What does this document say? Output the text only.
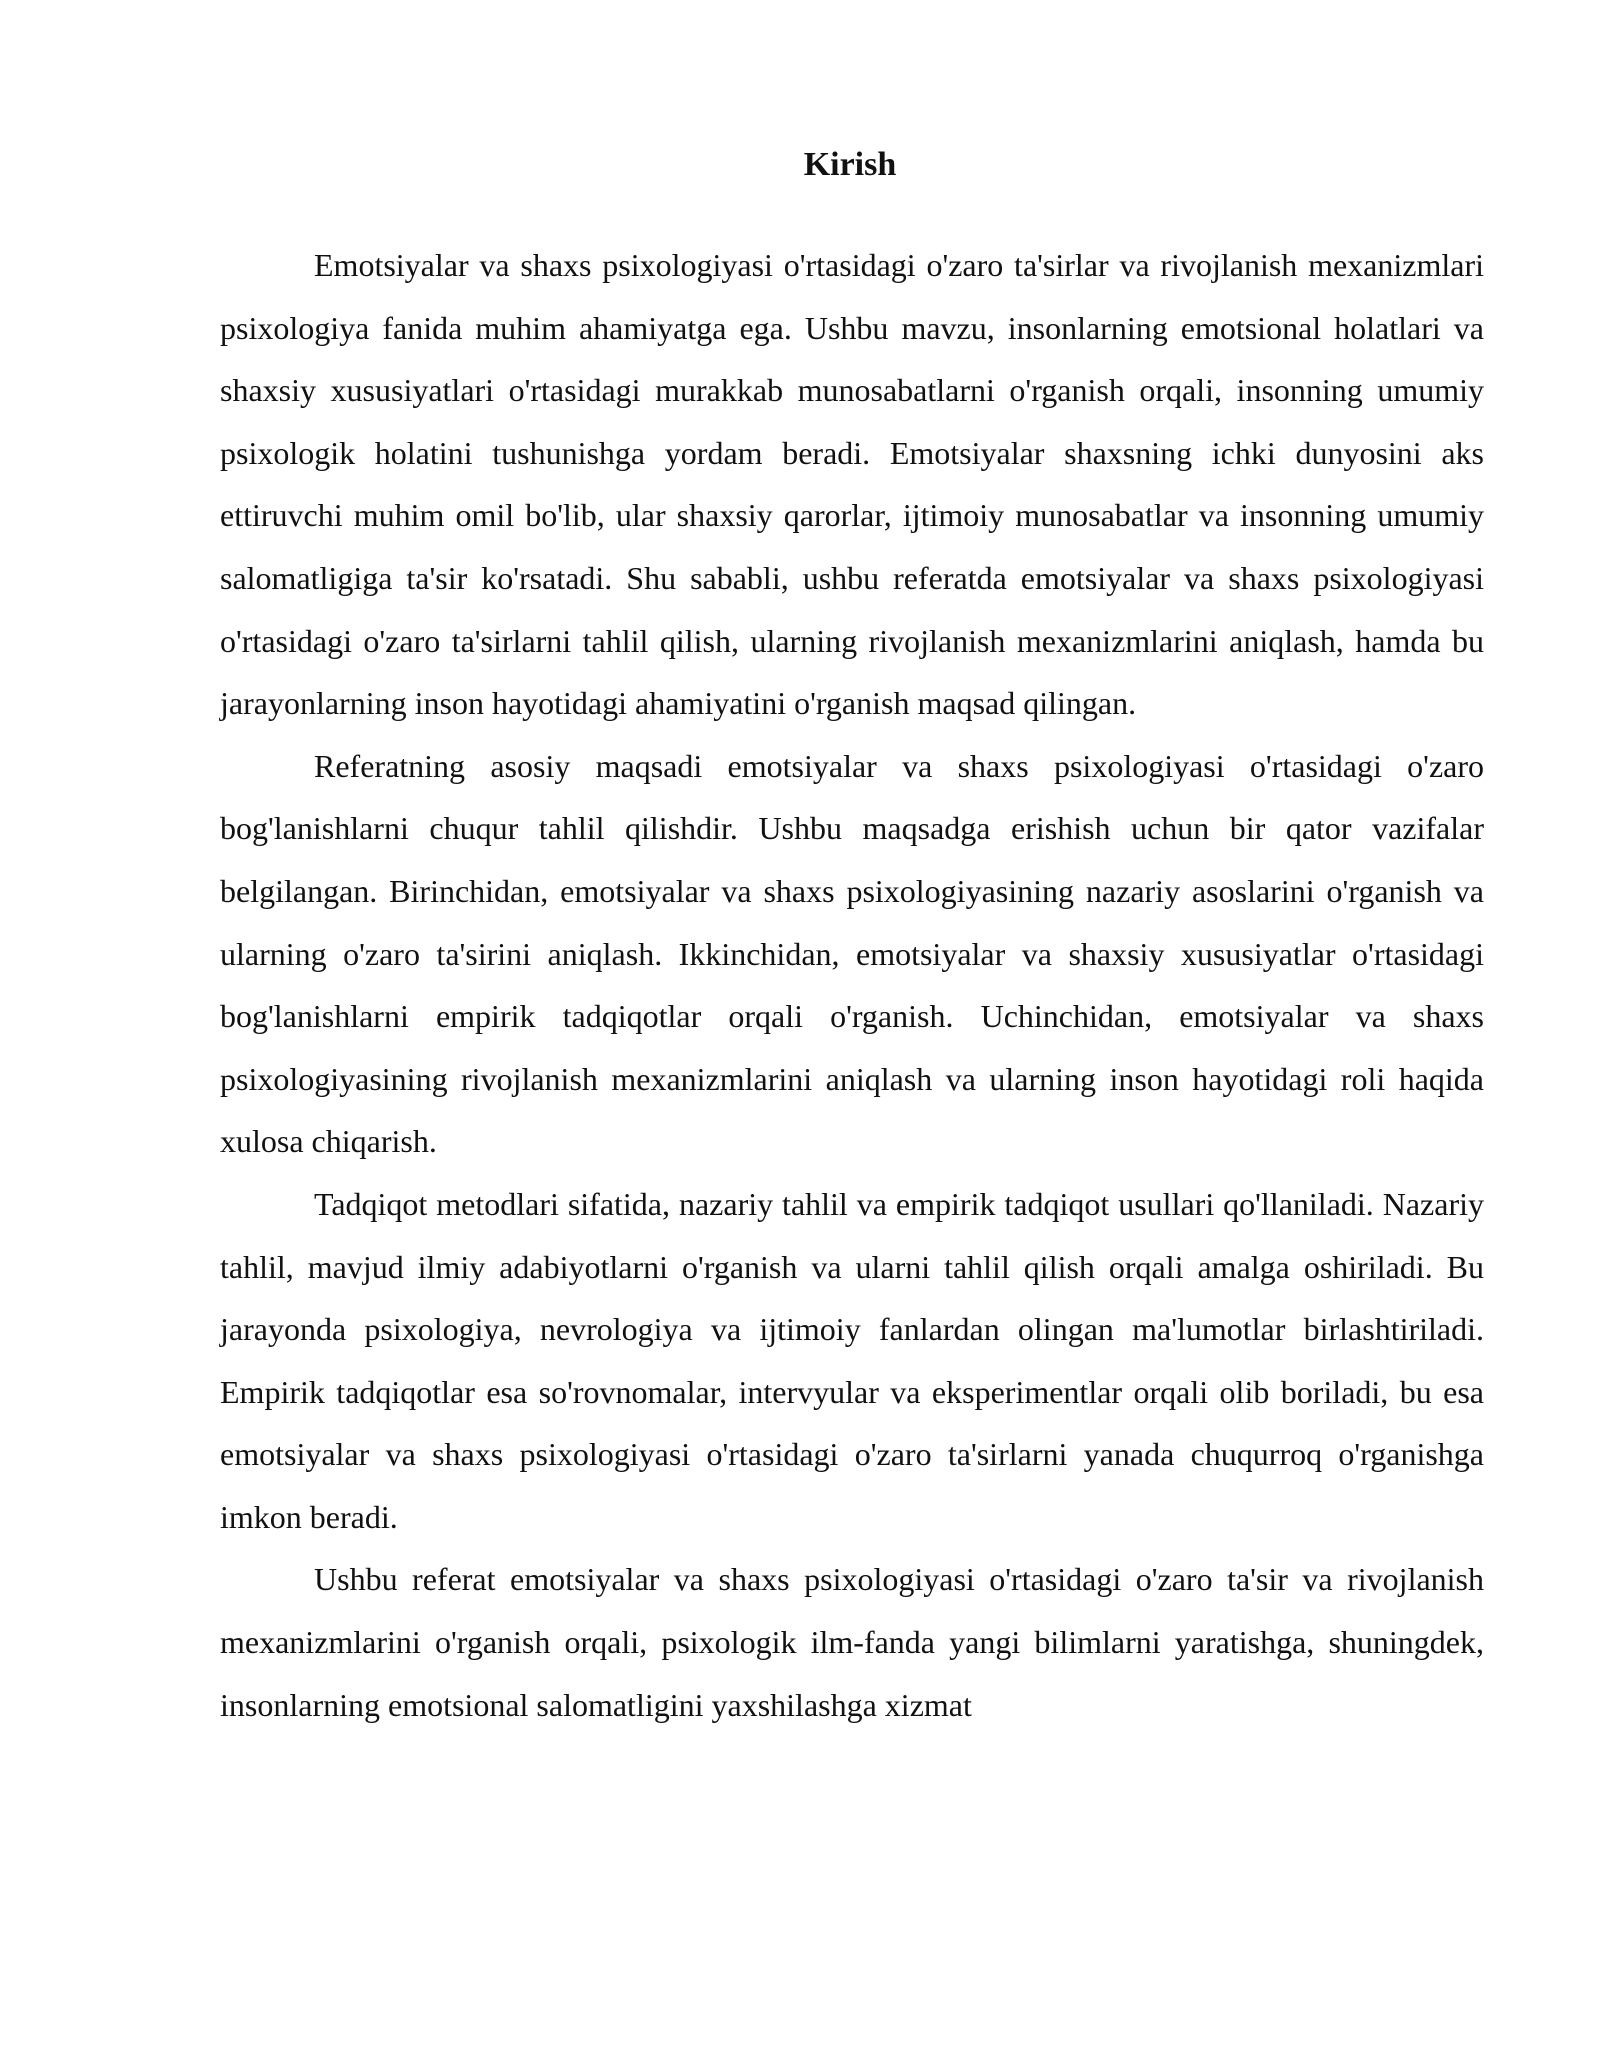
Kirish

Emotsiyalar va shaxs psixologiyasi o'rtasidagi o'zaro ta'sirlar va rivojlanish mexanizmlari psixologiya fanida muhim ahamiyatga ega. Ushbu mavzu, insonlarning emotsional holatlari va shaxsiy xususiyatlari o'rtasidagi murakkab munosabatlarni o'rganish orqali, insonning umumiy psixologik holatini tushunishga yordam beradi. Emotsiyalar shaxsning ichki dunyosini aks ettiruvchi muhim omil bo'lib, ular shaxsiy qarorlar, ijtimoiy munosabatlar va insonning umumiy salomatligiga ta'sir ko'rsatadi. Shu sababli, ushbu referatda emotsiyalar va shaxs psixologiyasi o'rtasidagi o'zaro ta'sirlarni tahlil qilish, ularning rivojlanish mexanizmlarini aniqlash, hamda bu jarayonlarning inson hayotidagi ahamiyatini o'rganish maqsad qilingan.

Referatning asosiy maqsadi emotsiyalar va shaxs psixologiyasi o'rtasidagi o'zaro bog'lanishlarni chuqur tahlil qilishdir. Ushbu maqsadga erishish uchun bir qator vazifalar belgilangan. Birinchidan, emotsiyalar va shaxs psixologiyasining nazariy asoslarini o'rganish va ularning o'zaro ta'sirini aniqlash. Ikkinchidan, emotsiyalar va shaxsiy xususiyatlar o'rtasidagi bog'lanishlarni empirik tadqiqotlar orqali o'rganish. Uchinchidan, emotsiyalar va shaxs psixologiyasining rivojlanish mexanizmlarini aniqlash va ularning inson hayotidagi roli haqida xulosa chiqarish.

Tadqiqot metodlari sifatida, nazariy tahlil va empirik tadqiqot usullari qo'llaniladi. Nazariy tahlil, mavjud ilmiy adabiyotlarni o'rganish va ularni tahlil qilish orqali amalga oshiriladi. Bu jarayonda psixologiya, nevrologiya va ijtimoiy fanlardan olingan ma'lumotlar birlashtiriladi. Empirik tadqiqotlar esa so'rovnomalar, intervyular va eksperimentlar orqali olib boriladi, bu esa emotsiyalar va shaxs psixologiyasi o'rtasidagi o'zaro ta'sirlarni yanada chuqurroq o'rganishga imkon beradi.

Ushbu referat emotsiyalar va shaxs psixologiyasi o'rtasidagi o'zaro ta'sir va rivojlanish mexanizmlarini o'rganish orqali, psixologik ilm-fanda yangi bilimlarni yaratishga, shuningdek, insonlarning emotsional salomatligini yaxshilashga xizmat
